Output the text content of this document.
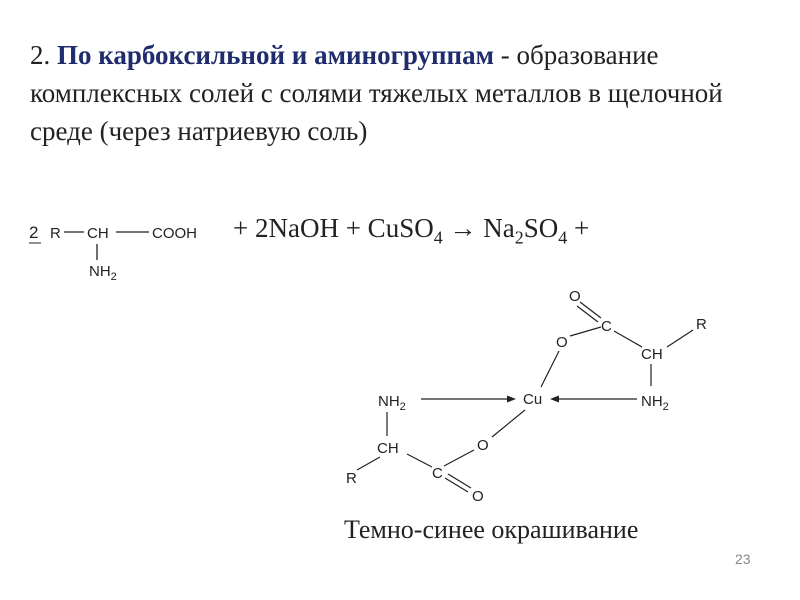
2. По карбоксильной и аминогруппам - образование комплексных солей с солями тяжелых металлов в щелочной среде (через натриевую соль)
2 R CH	COOH
$NH_2$
O
C
O
CH
R
$NH_2$
Cu
$NH_2$
O
CH
R	C
O
+ 2NaOH + CuSO$_4$ → $Na_2SO_4$ +
Темно-синее окрашивание
23
